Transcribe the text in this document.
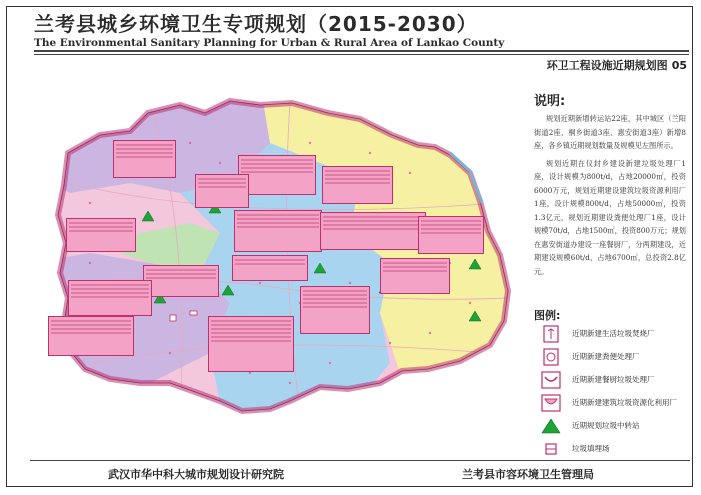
兰考县城乡环境卫生专项规划（2015-2030）
The Environmental Sanitary Planning for Urban & Rural Area of Lankao County
环卫工程设施近期规划图 05
说明:

规划近期新增转运站22座，其中城区（兰阳街道2座、桐乡街道3座、惠安街道3座）新增8座，各乡镇近期规划数量及规模见左图所示。

规划近期在仪封乡建设新建垃圾处理厂1座，设计规模为800t/d，占地20000㎡，投资6000万元，规划近期建设建筑垃圾资源利用厂1座，设计规模800t/d，占地50000㎡，投资1.3亿元，规划近期建设粪便处理厂1座，设计规模70t/d，占地1500㎡，投资800万元；规划在惠安街道办建设一座餐厨厂，分两期建设，近期建设规模60t/d，占地6700㎡，总投资2.8亿元。

图例:
近期新建生活垃圾焚烧厂
近期新建粪便处理厂
近期新建餐厨垃圾处理厂
近期新建建筑垃圾资源化利用厂
近期规划垃圾中转站
垃圾填埋场
武汉市华中科大城市规划设计研究院	兰考县市容环境卫生管理局
